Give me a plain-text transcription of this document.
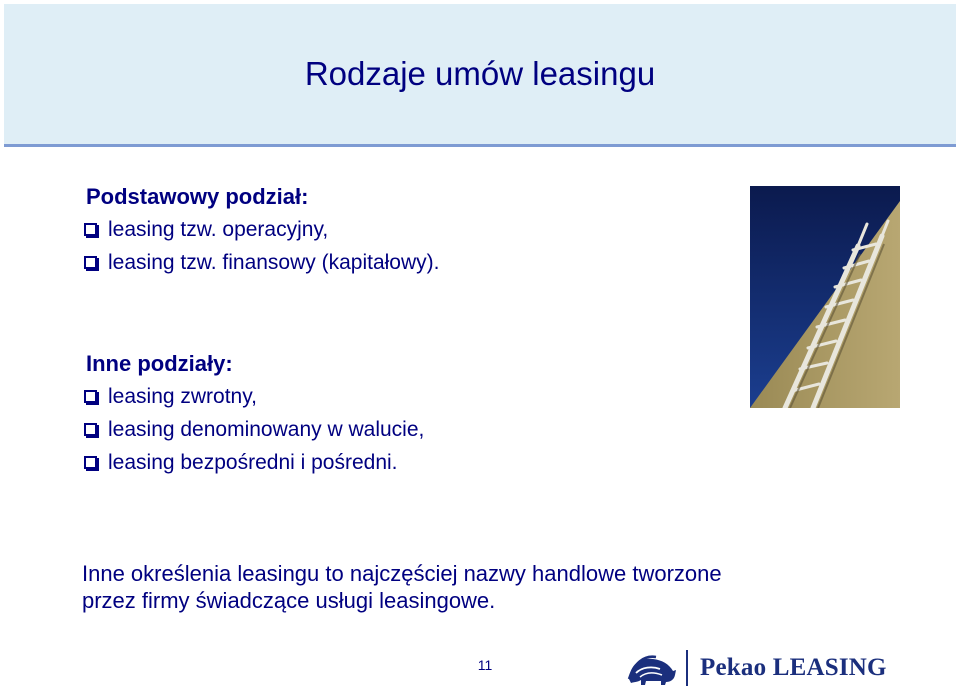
Rodzaje umów leasingu
Podstawowy podział:
leasing tzw. operacyjny,
leasing tzw. finansowy (kapitałowy).
Inne podziały:
leasing zwrotny,
leasing denominowany w walucie,
leasing bezpośredni i pośredni.
Inne określenia leasingu to najczęściej nazwy handlowe tworzone
przez firmy świadczące usługi leasingowe.
11	Pekao LEASING
